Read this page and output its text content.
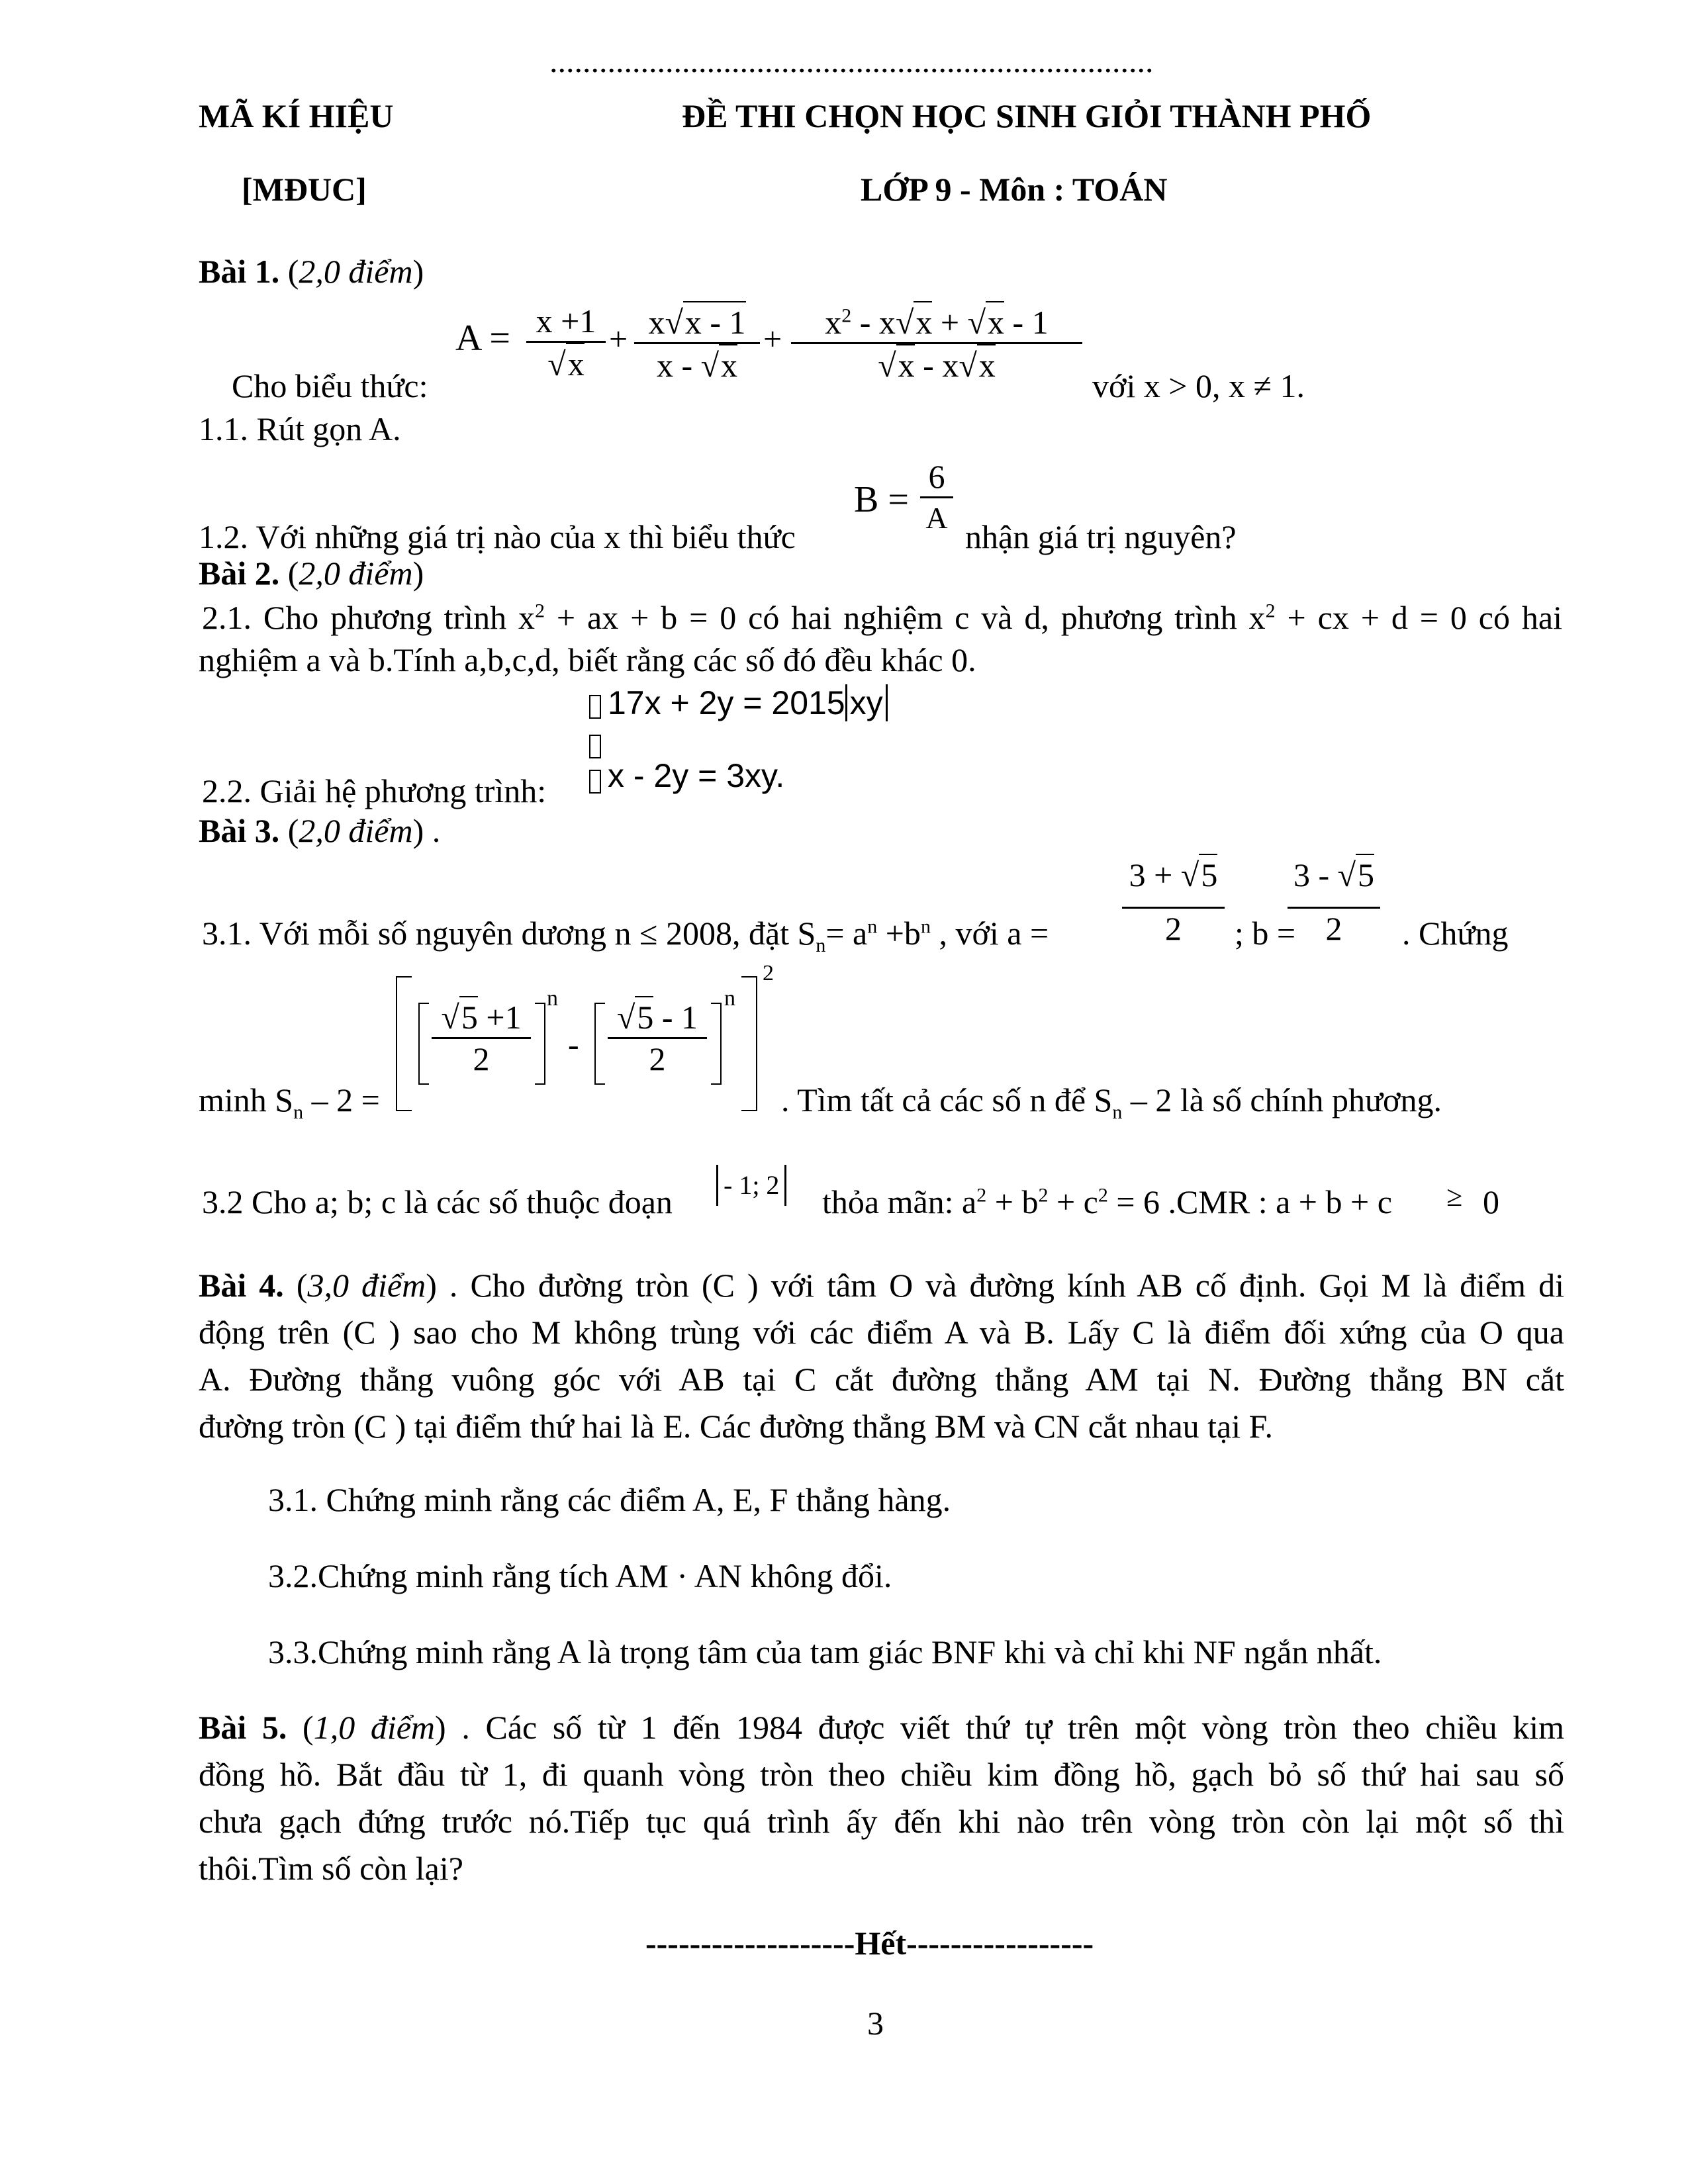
.........................................................................
MÃ KÍ HIỆU	ĐỀ THI CHỌN HỌC SINH GIỎI THÀNH PHỐ
[MĐUC]	LỚP 9 - Môn : TOÁN
Bài 1. (2,0 điểm)
A = x +1
√x
+ x√x - 1
x - √x
+	$x^2 - x√x + √x - 1$
√x - x√x
Cho biểu thức:	với x > 0, x ≠ 1.
1.1. Rút gọn A.
B =
6
A
1.2. Với những giá trị nào của x thì biểu thức	nhận giá trị nguyên?
Bài 2. (2,0 điểm)
2.1. Cho phương trình $x^2$ + ax + b = 0 có hai nghiệm c và d, phương trình $x^2$ + cx + d = 0 có hai
nghiệm a và b.Tính a,b,c,d, biết rằng các số đó đều khác 0.
17x + 2y = 2015 xy
x - 2y = 3xy.
2.2. Giải hệ phương trình:
Bài 3. (2,0 điểm) .
3 + √5
2
3 - √5
2
3.1. Với mỗi số nguyên dương n ≤ 2008, đặt $S_n= a^n +b^n$ , với a =	; b =	. Chứng
√5 +1
2
n
-
√5 - 1
2
n
2
minh $S_n - 2$ =	. Tìm tất cả các số n để $S_n - 2$ là số chính phương.
3.2 Cho a; b; c là các số thuộc đoạn - 1; 2 thỏa mãn: $a^2 + b^2 + c^2 = 6$ .CMR : a + b + c ≥ 0
Bài 4. (3,0 điểm) . Cho đường tròn (C ) với tâm O và đường kính AB cố định. Gọi M là điểm di
động trên (C ) sao cho M không trùng với các điểm A và B. Lấy C là điểm đối xứng của O qua
A. Đường thẳng vuông góc với AB tại C cắt đường thẳng AM tại N. Đường thẳng BN cắt
đường tròn (C ) tại điểm thứ hai là E. Các đường thẳng BM và CN cắt nhau tại F.
3.1. Chứng minh rằng các điểm A, E, F thẳng hàng.
3.2.Chứng minh rằng tích AM · AN không đổi.
3.3.Chứng minh rằng A là trọng tâm của tam giác BNF khi và chỉ khi NF ngắn nhất.
Bài 5. (1,0 điểm) . Các số từ 1 đến 1984 được viết thứ tự trên một vòng tròn theo chiều kim
đồng hồ. Bắt đầu từ 1, đi quanh vòng tròn theo chiều kim đồng hồ, gạch bỏ số thứ hai sau số
chưa gạch đứng trước nó.Tiếp tục quá trình ấy đến khi nào trên vòng tròn còn lại một số thì
thôi.Tìm số còn lại?
-------------------Hết-----------------
3
